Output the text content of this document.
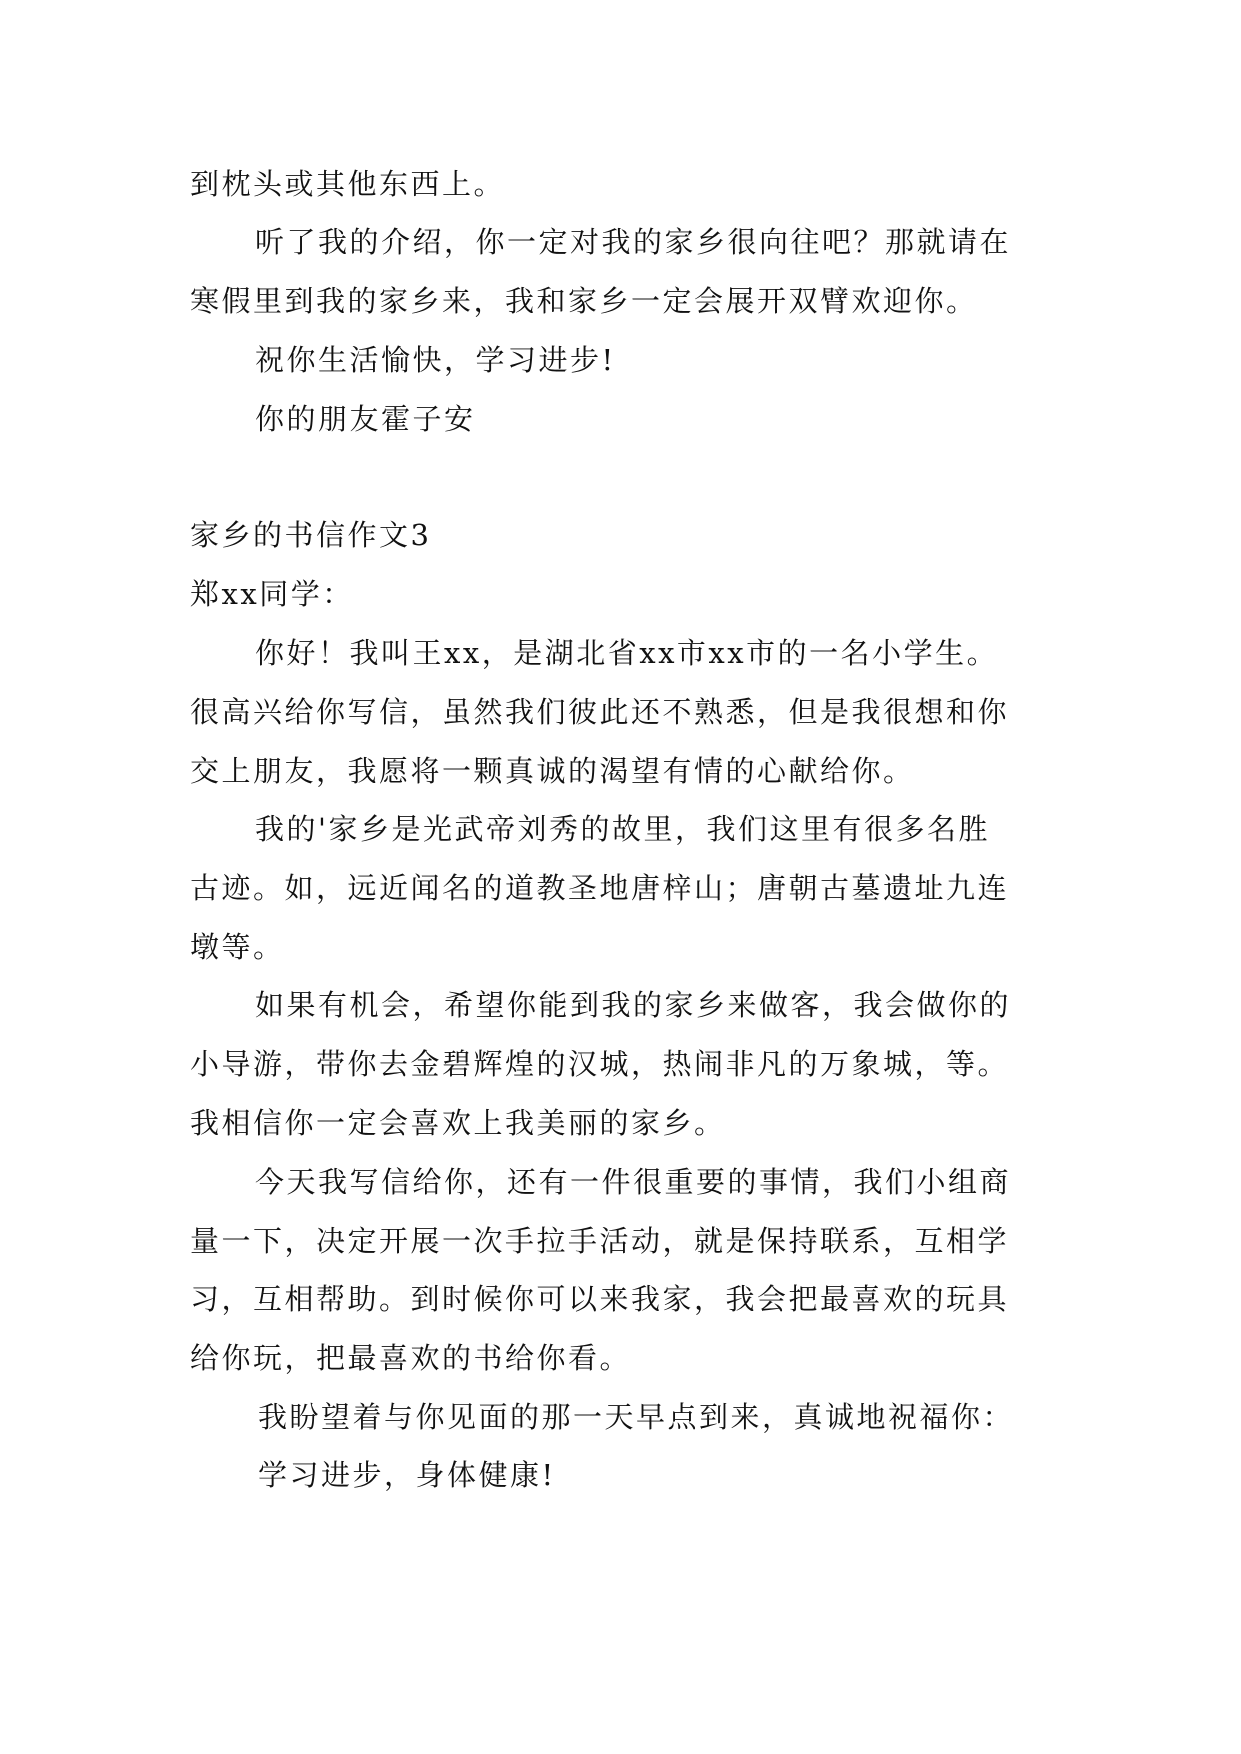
到枕头或其他东西上。

听了我的介绍，你一定对我的家乡很向往吧？那就请在

寒假里到我的家乡来，我和家乡一定会展开双臂欢迎你。

祝你生活愉快，学习进步!

你的朋友霍子安

家乡的书信作文3

郑xx同学：

你好！我叫王xx，是湖北省xx市xx市的一名小学生。

很高兴给你写信，虽然我们彼此还不熟悉，但是我很想和你

交上朋友，我愿将一颗真诚的渴望有情的心献给你。

我的'家乡是光武帝刘秀的故里，我们这里有很多名胜

古迹。如，远近闻名的道教圣地唐梓山；唐朝古墓遗址九连

墩等。

如果有机会，希望你能到我的家乡来做客，我会做你的

小导游，带你去金碧辉煌的汉城，热闹非凡的万象城，等。

我相信你一定会喜欢上我美丽的家乡。

今天我写信给你，还有一件很重要的事情，我们小组商

量一下，决定开展一次手拉手活动，就是保持联系，互相学

习，互相帮助。到时候你可以来我家，我会把最喜欢的玩具

给你玩，把最喜欢的书给你看。

我盼望着与你见面的那一天早点到来，真诚地祝福你：

学习进步，身体健康!
